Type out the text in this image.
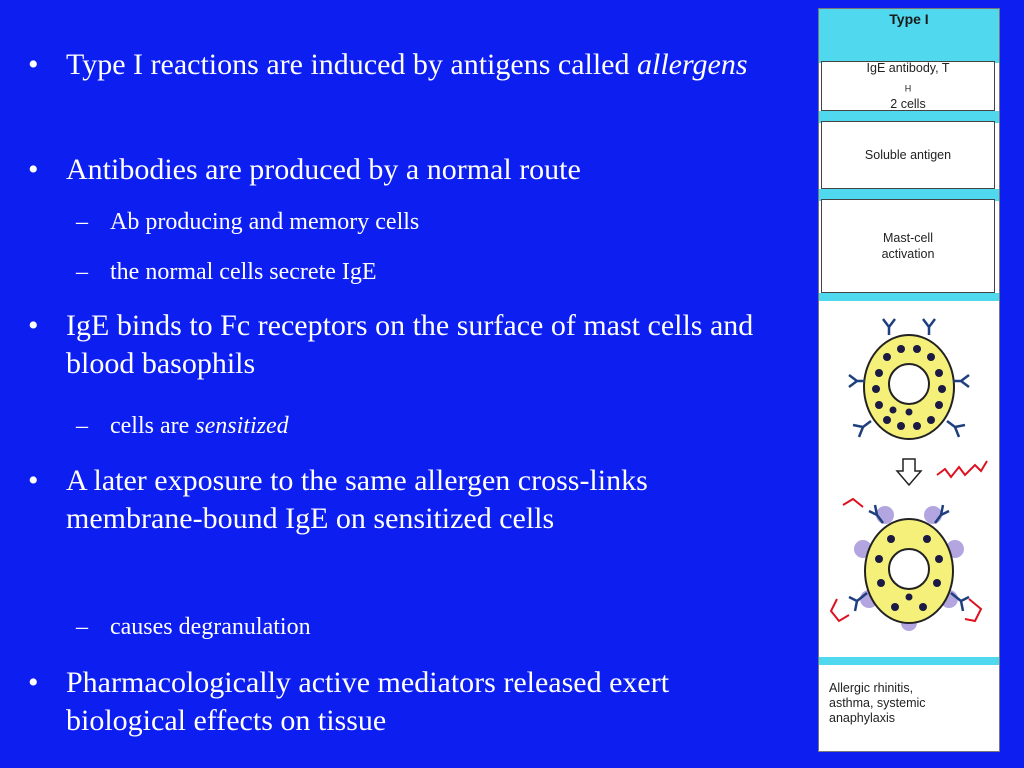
• Type I reactions are induced by antigens called allergens
• Antibodies are produced by a normal route
– Ab producing and memory cells
– the normal cells secrete IgE
• IgE binds to Fc receptors on the surface of mast cells and blood basophils
– cells are sensitized
• A later exposure to the same allergen cross-links membrane-bound IgE on sensitized cells
– causes degranulation
• Pharmacologically active mediators released exert biological effects on tissue
Type I
IgE antibody, T
$_H$
2 cells
Soluble antigen
Mast-cell
activation
Allergic rhinitis,
asthma, systemic
anaphylaxis
